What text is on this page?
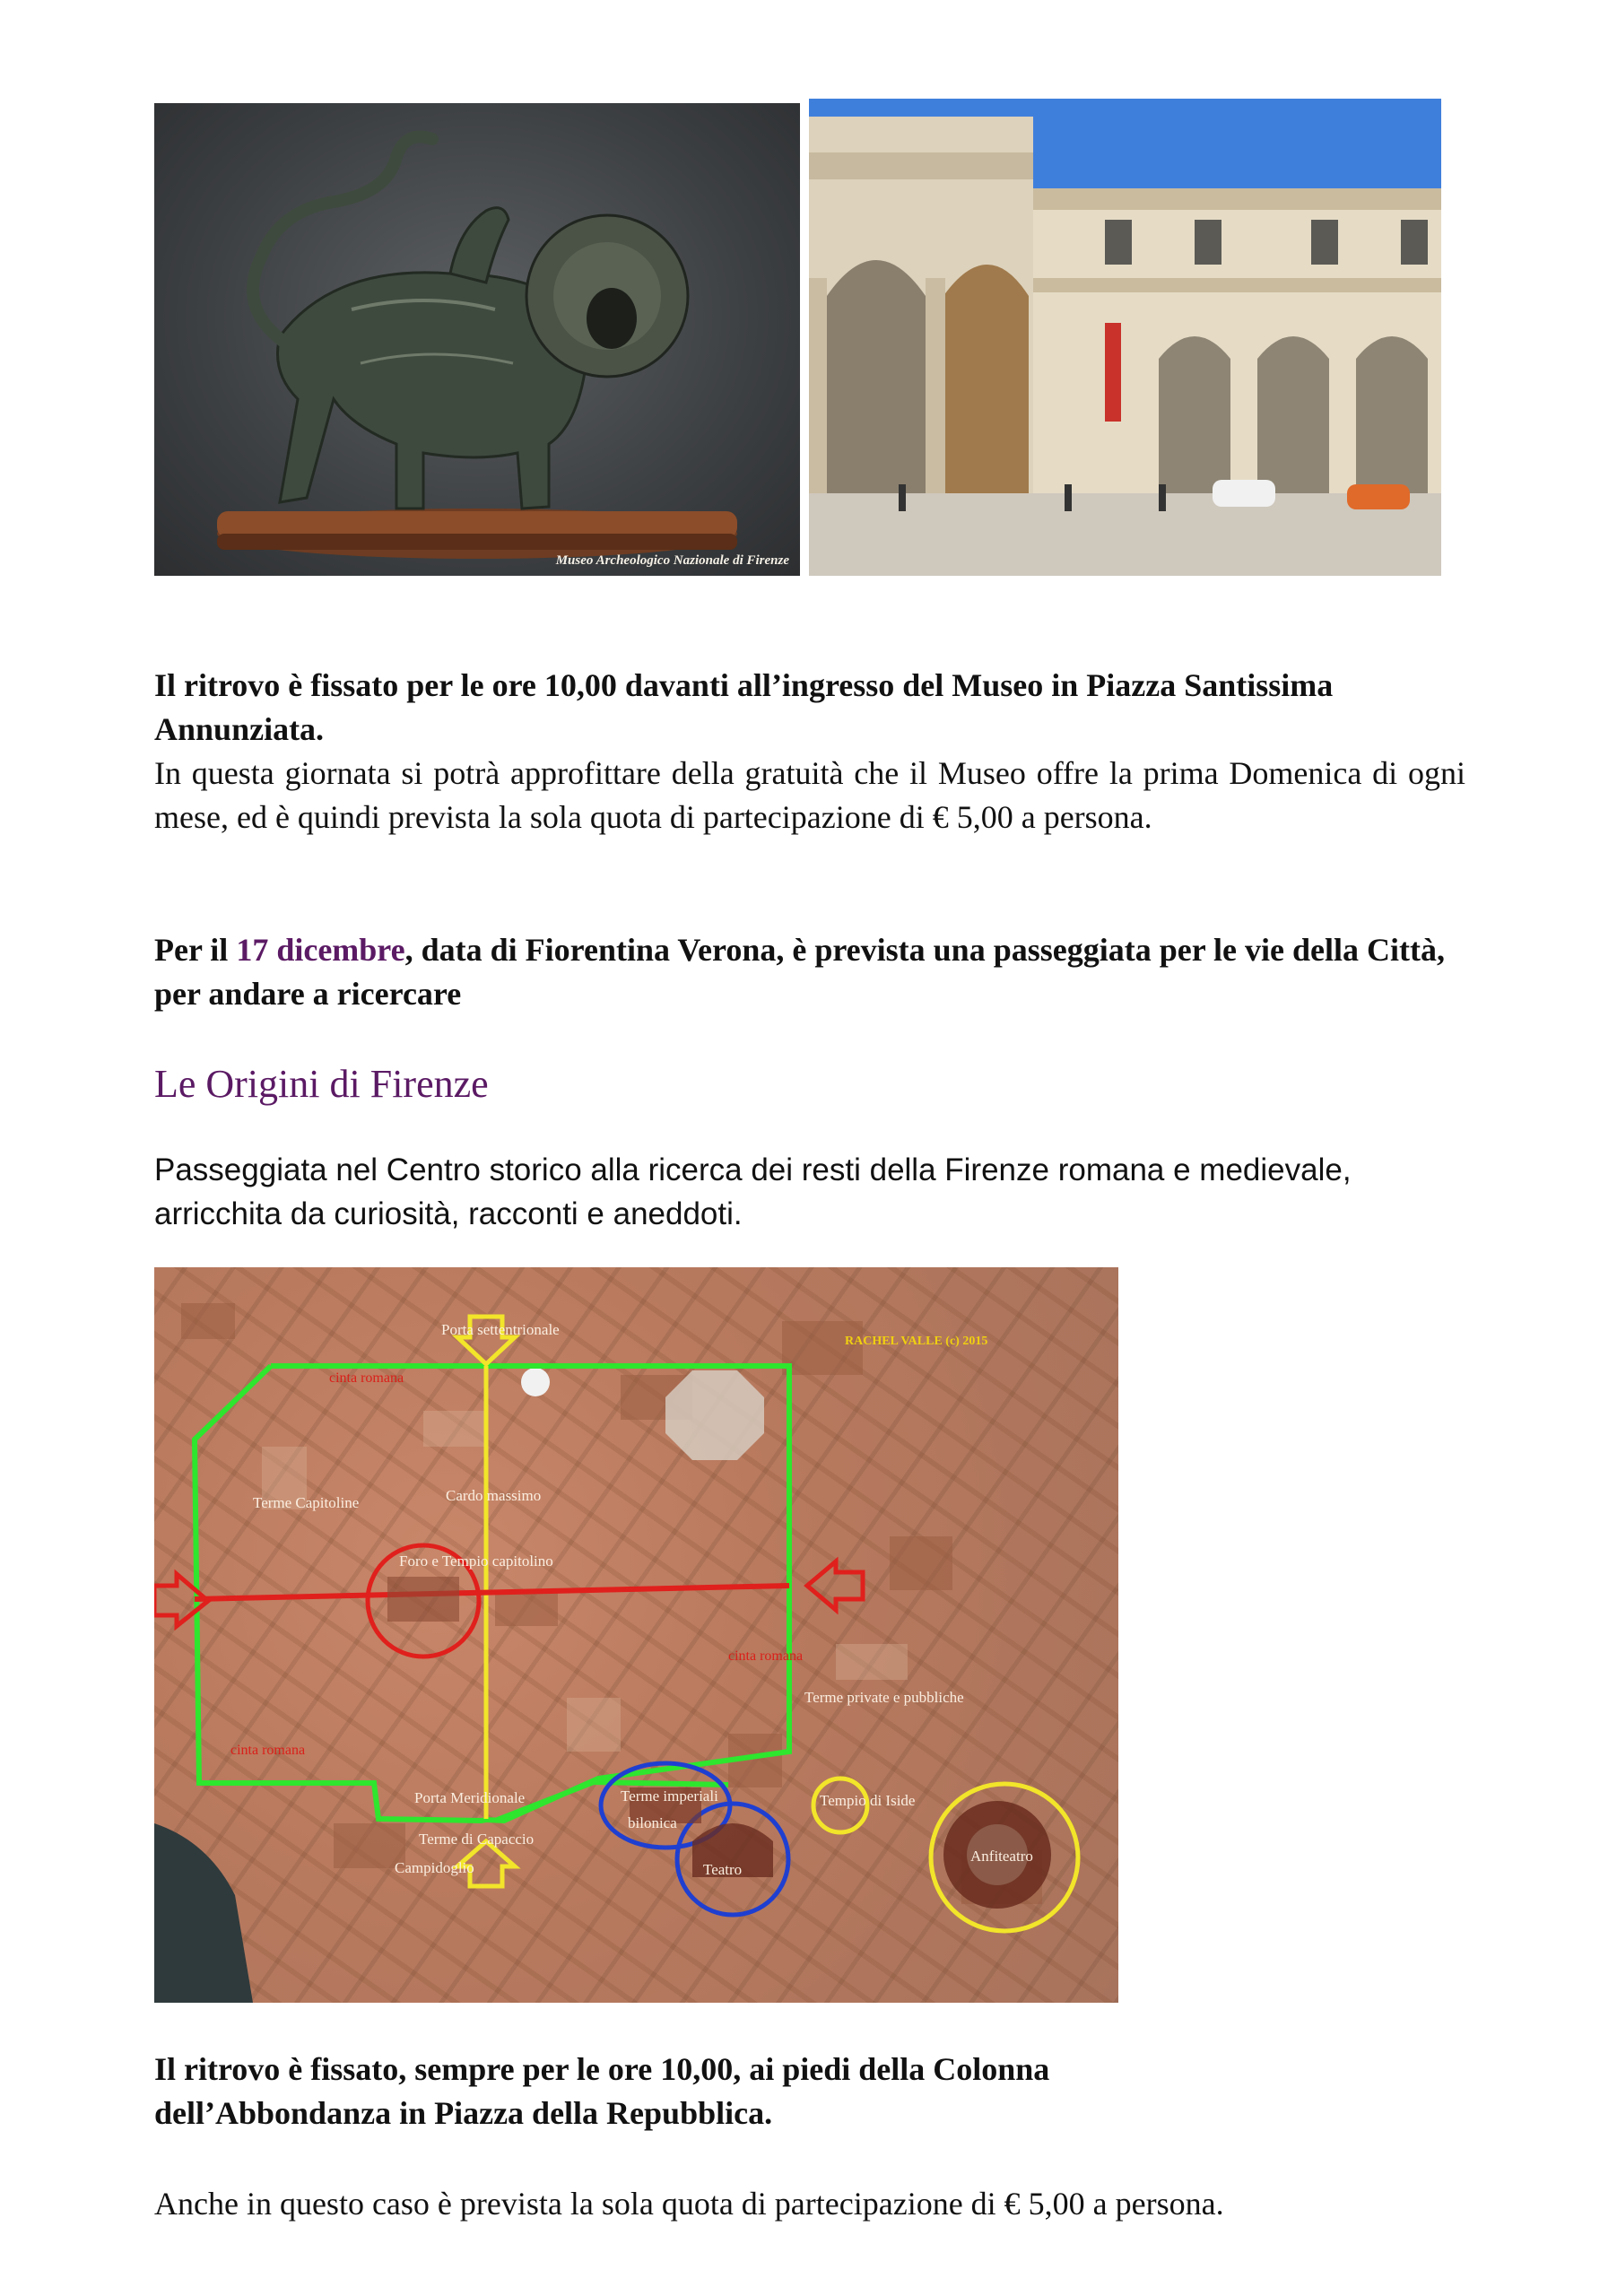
Museo Archeologico Nazionale di Firenze
Il ritrovo è fissato per le ore 10,00 davanti all’ingresso del Museo in Piazza Santissima Annunziata.
In questa giornata si potrà approfittare della gratuità che il Museo offre la prima Domenica di ogni mese, ed è quindi prevista la sola quota di partecipazione di € 5,00 a persona.
Per il 17 dicembre, data di Fiorentina Verona, è prevista una passeggiata per le vie della Città, per andare a ricercare
Le Origini di Firenze
Passeggiata nel Centro storico alla ricerca dei resti della Firenze romana e medievale, arricchita da curiosità, racconti e aneddoti.
Porta settentrionale
cinta romana
Cardo massimo
Terme Capitoline
Foro e Tempio capitolino
cinta romana
Terme private e pubbliche
cinta romana
Porta Meridionale	Terme imperiali
bilonica
Terme di Capaccio
Campidoglio	Teatro
Tempio di Iside
Anfiteatro
RACHEL VALLE (c) 2015
Il ritrovo è fissato, sempre per le ore 10,00, ai piedi della Colonna dell’Abbondanza in Piazza della Repubblica.
Anche in questo caso è prevista la sola quota di partecipazione di € 5,00 a persona.
